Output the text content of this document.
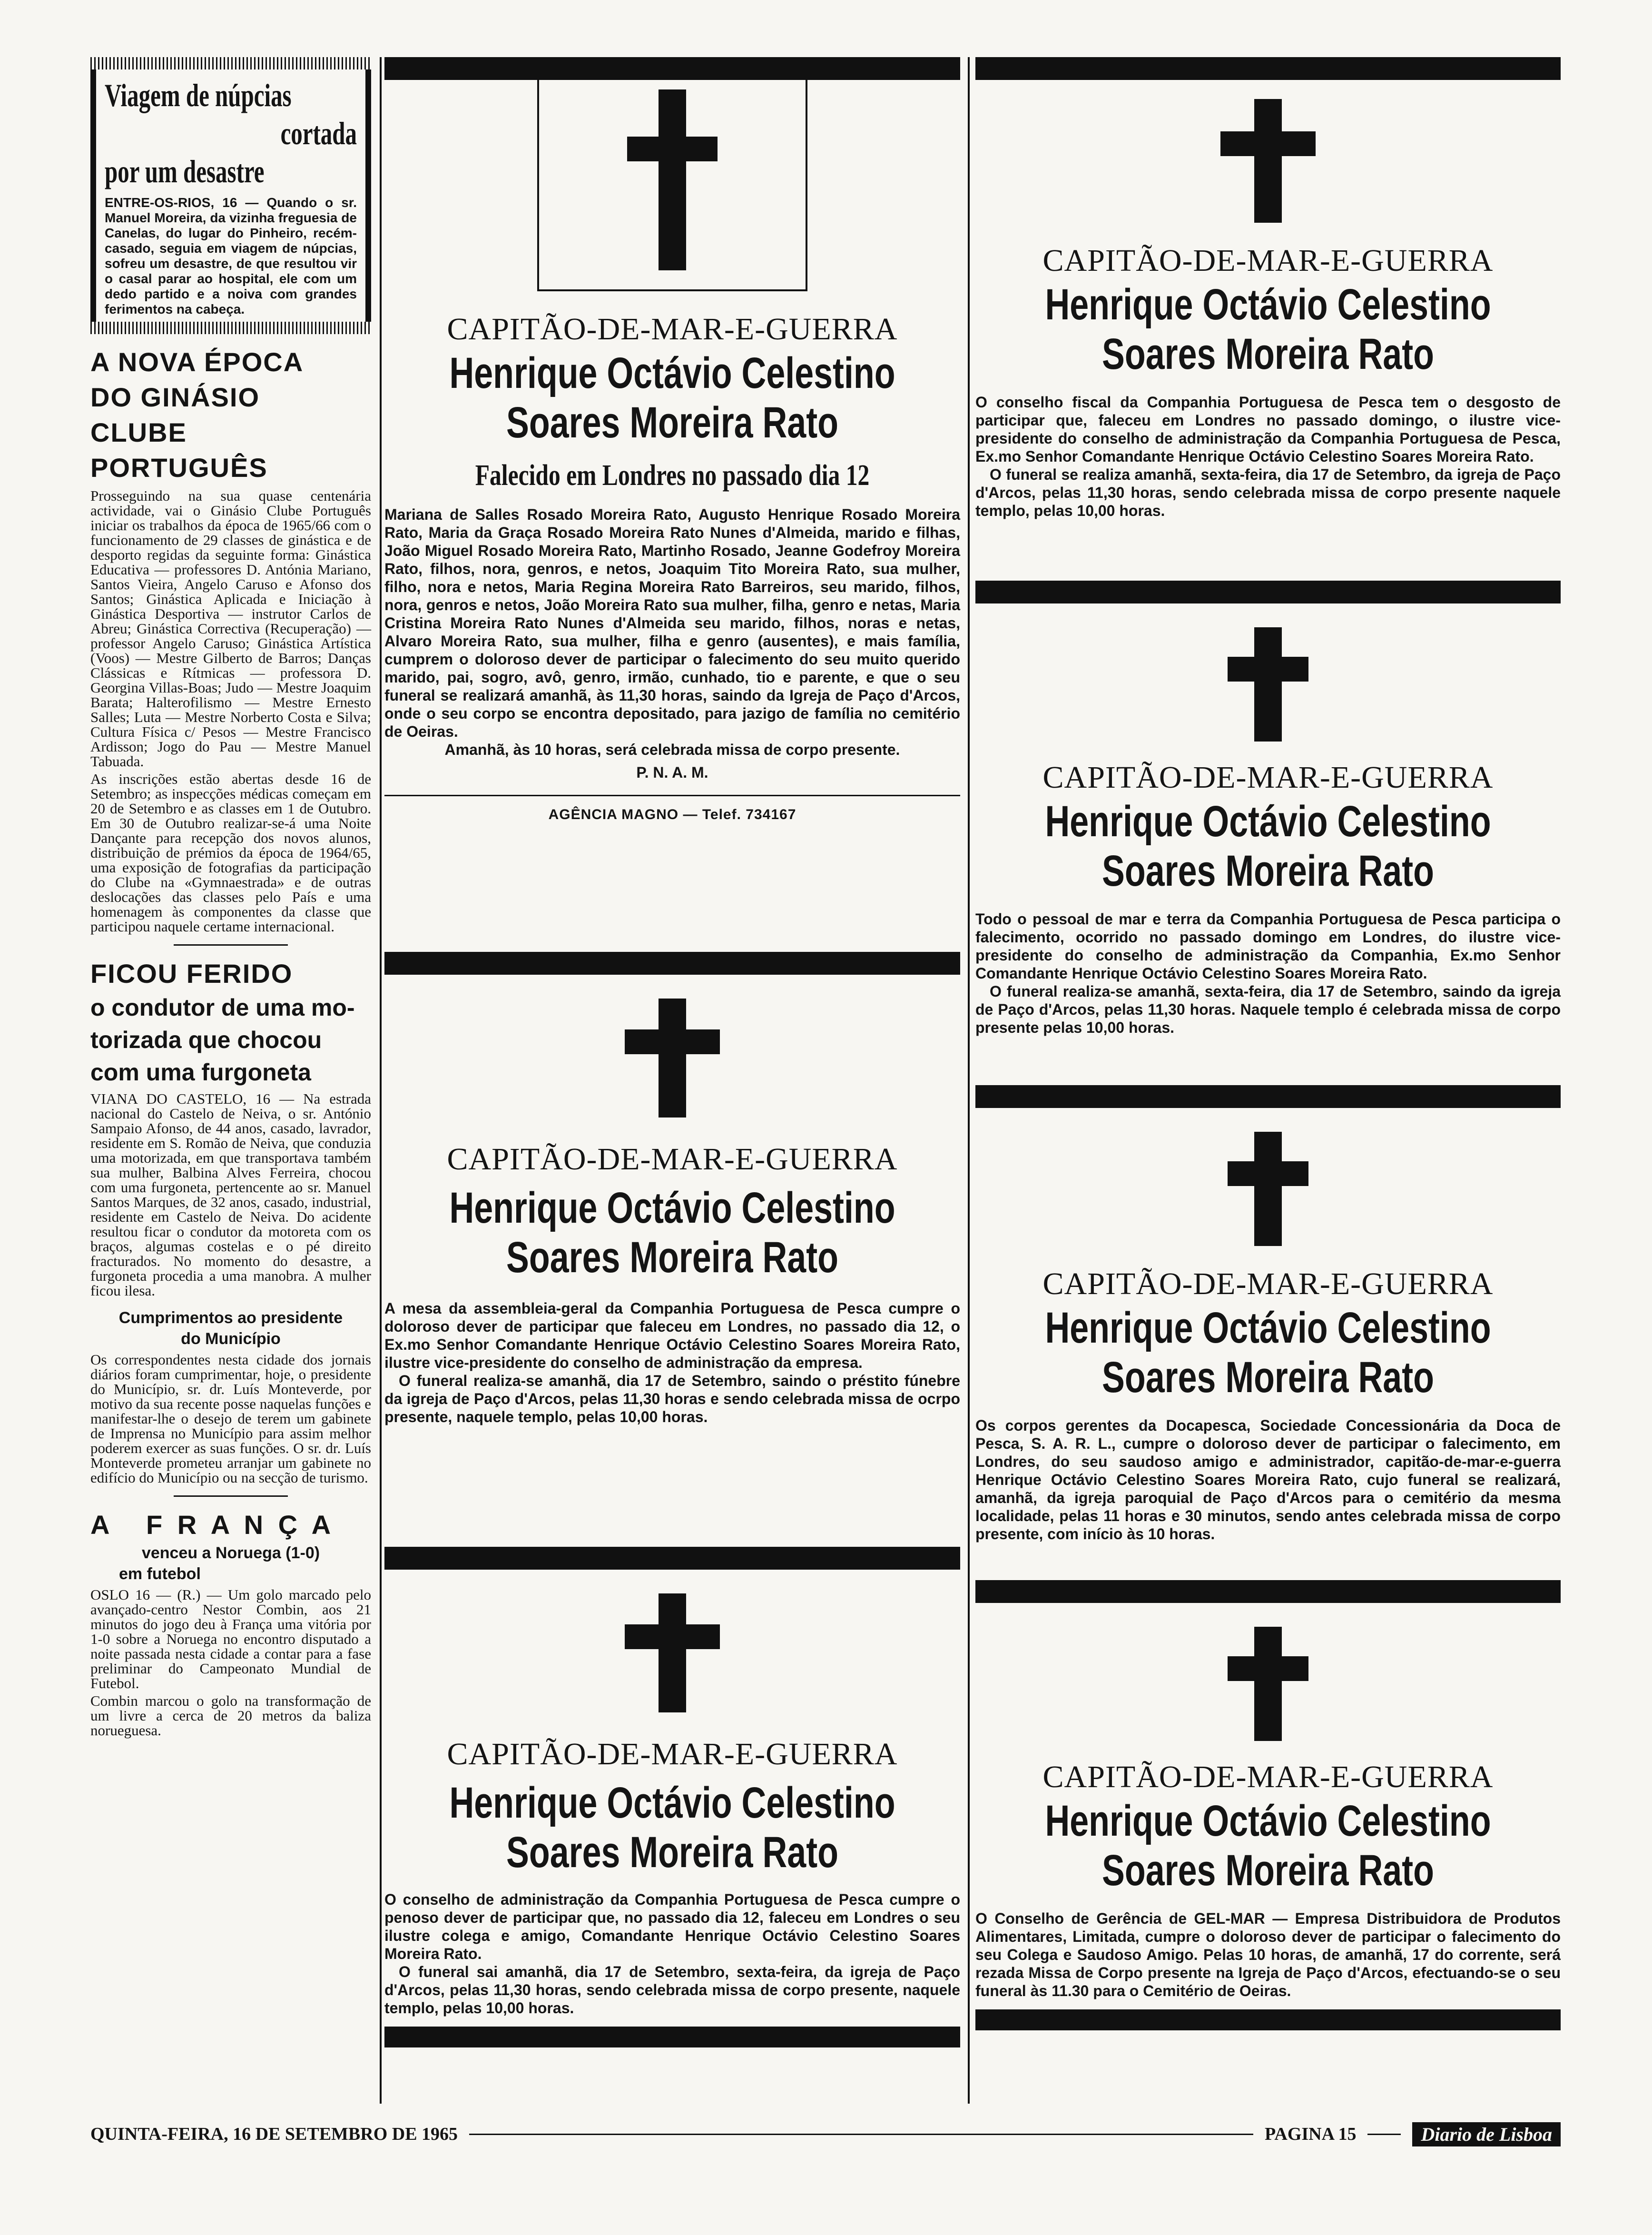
Viagem de núpcias
cortada
por um desastre
ENTRE-OS-RIOS, 16 — Quando o sr. Manuel Moreira, da vizinha freguesia de Canelas, do lugar do Pinheiro, recém-casado, seguia em viagem de núpcias, sofreu um desastre, de que resultou vir o casal parar ao hospital, ele com um dedo partido e a noiva com grandes ferimentos na cabeça.
A NOVA ÉPOCA
DO GINÁSIO
CLUBE PORTUGUÊS

Prosseguindo na sua quase centenária actividade, vai o Ginásio Clube Português iniciar os trabalhos da época de 1965/66 com o funcionamento de 29 classes de ginástica e de desporto regidas da seguinte forma: Ginástica Educativa — professores D. Antónia Mariano, Santos Vieira, Angelo Caruso e Afonso dos Santos; Ginástica Aplicada e Iniciação à Ginástica Desportiva — instrutor Carlos de Abreu; Ginástica Correctiva (Recuperação) — professor Angelo Caruso; Ginástica Artística (Voos) — Mestre Gilberto de Barros; Danças Clássicas e Rítmicas — professora D. Georgina Villas-Boas; Judo — Mestre Joaquim Barata; Halterofilismo — Mestre Ernesto Salles; Luta — Mestre Norberto Costa e Silva; Cultura Física c/ Pesos — Mestre Francisco Ardisson; Jogo do Pau — Mestre Manuel Tabuada.

As inscrições estão abertas desde 16 de Setembro; as inspecções médicas começam em 20 de Setembro e as classes em 1 de Outubro. Em 30 de Outubro realizar-se-á uma Noite Dançante para recepção dos novos alunos, distribuição de prémios da época de 1964/65, uma exposição de fotografias da participação do Clube na «Gymnaestrada» e de outras deslocações das classes pelo País e uma homenagem às componentes da classe que participou naquele certame internacional.

FICOU FERIDO
o condutor de uma mo-
torizada que chocou
com uma furgoneta

VIANA DO CASTELO, 16 — Na estrada nacional do Castelo de Neiva, o sr. António Sampaio Afonso, de 44 anos, casado, lavrador, residente em S. Romão de Neiva, que conduzia uma motorizada, em que transportava também sua mulher, Balbina Alves Ferreira, chocou com uma furgoneta, pertencente ao sr. Manuel Santos Marques, de 32 anos, casado, industrial, residente em Castelo de Neiva. Do acidente resultou ficar o condutor da motoreta com os braços, algumas costelas e o pé direito fracturados. No momento do desastre, a furgoneta procedia a uma manobra. A mulher ficou ilesa.

Cumprimentos ao presidente
do Município

Os correspondentes nesta cidade dos jornais diários foram cumprimentar, hoje, o presidente do Município, sr. dr. Luís Monteverde, por motivo da sua recente posse naquelas funções e manifestar-lhe o desejo de terem um gabinete de Imprensa no Município para assim melhor poderem exercer as suas funções. O sr. dr. Luís Monteverde prometeu arranjar um gabinete no edifício do Município ou na secção de turismo.

A   F R A N Ç A
venceu a Noruega (1-0)
em futebol

OSLO 16 — (R.) — Um golo marcado pelo avançado-centro Nestor Combin, aos 21 minutos do jogo deu à França uma vitória por 1-0 sobre a Noruega no encontro disputado a noite passada nesta cidade a contar para a fase preliminar do Campeonato Mundial de Futebol.

Combin marcou o golo na transformação de um livre a cerca de 20 metros da baliza norueguesa.

CAPITÃO-DE-MAR-E-GUERRA
Henrique Octávio Celestino
Soares Moreira Rato
Falecido em Londres no passado dia 12
Mariana de Salles Rosado Moreira Rato, Augusto Henrique Rosado Moreira Rato, Maria da Graça Rosado Moreira Rato Nunes d'Almeida, marido e filhas, João Miguel Rosado Moreira Rato, Martinho Rosado, Jeanne Godefroy Moreira Rato, filhos, nora, genros, e netos, Joaquim Tito Moreira Rato, sua mulher, filho, nora e netos, Maria Regina Moreira Rato Barreiros, seu marido, filhos, nora, genros e netos, João Moreira Rato sua mulher, filha, genro e netas, Maria Cristina Moreira Rato Nunes d'Almeida seu marido, filhos, noras e netas, Alvaro Moreira Rato, sua mulher, filha e genro (ausentes), e mais família, cumprem o doloroso dever de participar o falecimento do seu muito querido marido, pai, sogro, avô, genro, irmão, cunhado, tio e parente, e que o seu funeral se realizará amanhã, às 11,30 horas, saindo da Igreja de Paço d'Arcos, onde o seu corpo se encontra depositado, para jazigo de família no cemitério de Oeiras.
Amanhã, às 10 horas, será celebrada missa de corpo presente.
P. N. A. M.
AGÊNCIA MAGNO — Telef. 734167
CAPITÃO-DE-MAR-E-GUERRA
Henrique Octávio Celestino
Soares Moreira Rato
A mesa da assembleia-geral da Companhia Portuguesa de Pesca cumpre o doloroso dever de participar que faleceu em Londres, no passado dia 12, o Ex.mo Senhor Comandante Henrique Octávio Celestino Soares Moreira Rato, ilustre vice-presidente do conselho de administração da empresa.
O funeral realiza-se amanhã, dia 17 de Setembro, saindo o préstito fúnebre da igreja de Paço d'Arcos, pelas 11,30 horas e sendo celebrada missa de ocrpo presente, naquele templo, pelas 10,00 horas.
CAPITÃO-DE-MAR-E-GUERRA
Henrique Octávio Celestino
Soares Moreira Rato
O conselho de administração da Companhia Portuguesa de Pesca cumpre o penoso dever de participar que, no passado dia 12, faleceu em Londres o seu ilustre colega e amigo, Comandante Henrique Octávio Celestino Soares Moreira Rato.
O funeral sai amanhã, dia 17 de Setembro, sexta-feira, da igreja de Paço d'Arcos, pelas 11,30 horas, sendo celebrada missa de corpo presente, naquele templo, pelas 10,00 horas.
CAPITÃO-DE-MAR-E-GUERRA
Henrique Octávio Celestino
Soares Moreira Rato
O conselho fiscal da Companhia Portuguesa de Pesca tem o desgosto de participar que, faleceu em Londres no passado domingo, o ilustre vice-presidente do conselho de administração da Companhia Portuguesa de Pesca, Ex.mo Senhor Comandante Henrique Octávio Celestino Soares Moreira Rato.
O funeral se realiza amanhã, sexta-feira, dia 17 de Setembro, da igreja de Paço d'Arcos, pelas 11,30 horas, sendo celebrada missa de corpo presente naquele templo, pelas 10,00 horas.
CAPITÃO-DE-MAR-E-GUERRA
Henrique Octávio Celestino
Soares Moreira Rato
Todo o pessoal de mar e terra da Companhia Portuguesa de Pesca participa o falecimento, ocorrido no passado domingo em Londres, do ilustre vice-presidente do conselho de administração da Companhia, Ex.mo Senhor Comandante Henrique Octávio Celestino Soares Moreira Rato.
O funeral realiza-se amanhã, sexta-feira, dia 17 de Setembro, saindo da igreja de Paço d'Arcos, pelas 11,30 horas. Naquele templo é celebrada missa de corpo presente pelas 10,00 horas.
CAPITÃO-DE-MAR-E-GUERRA
Henrique Octávio Celestino
Soares Moreira Rato
Os corpos gerentes da Docapesca, Sociedade Concessionária da Doca de Pesca, S. A. R. L., cumpre o doloroso dever de participar o falecimento, em Londres, do seu saudoso amigo e administrador, capitão-de-mar-e-guerra Henrique Octávio Celestino Soares Moreira Rato, cujo funeral se realizará, amanhã, da igreja paroquial de Paço d'Arcos para o cemitério da mesma localidade, pelas 11 horas e 30 minutos, sendo antes celebrada missa de corpo presente, com início às 10 horas.
CAPITÃO-DE-MAR-E-GUERRA
Henrique Octávio Celestino
Soares Moreira Rato
O Conselho de Gerência de GEL-MAR — Empresa Distribuidora de Produtos Alimentares, Limitada, cumpre o doloroso dever de participar o falecimento do seu Colega e Saudoso Amigo. Pelas 10 horas, de amanhã, 17 do corrente, será rezada Missa de Corpo presente na Igreja de Paço d'Arcos, efectuando-se o seu funeral às 11.30 para o Cemitério de Oeiras.
QUINTA-FEIRA, 16 DE SETEMBRO DE 1965	PAGINA 15	Diario de Lisboa
